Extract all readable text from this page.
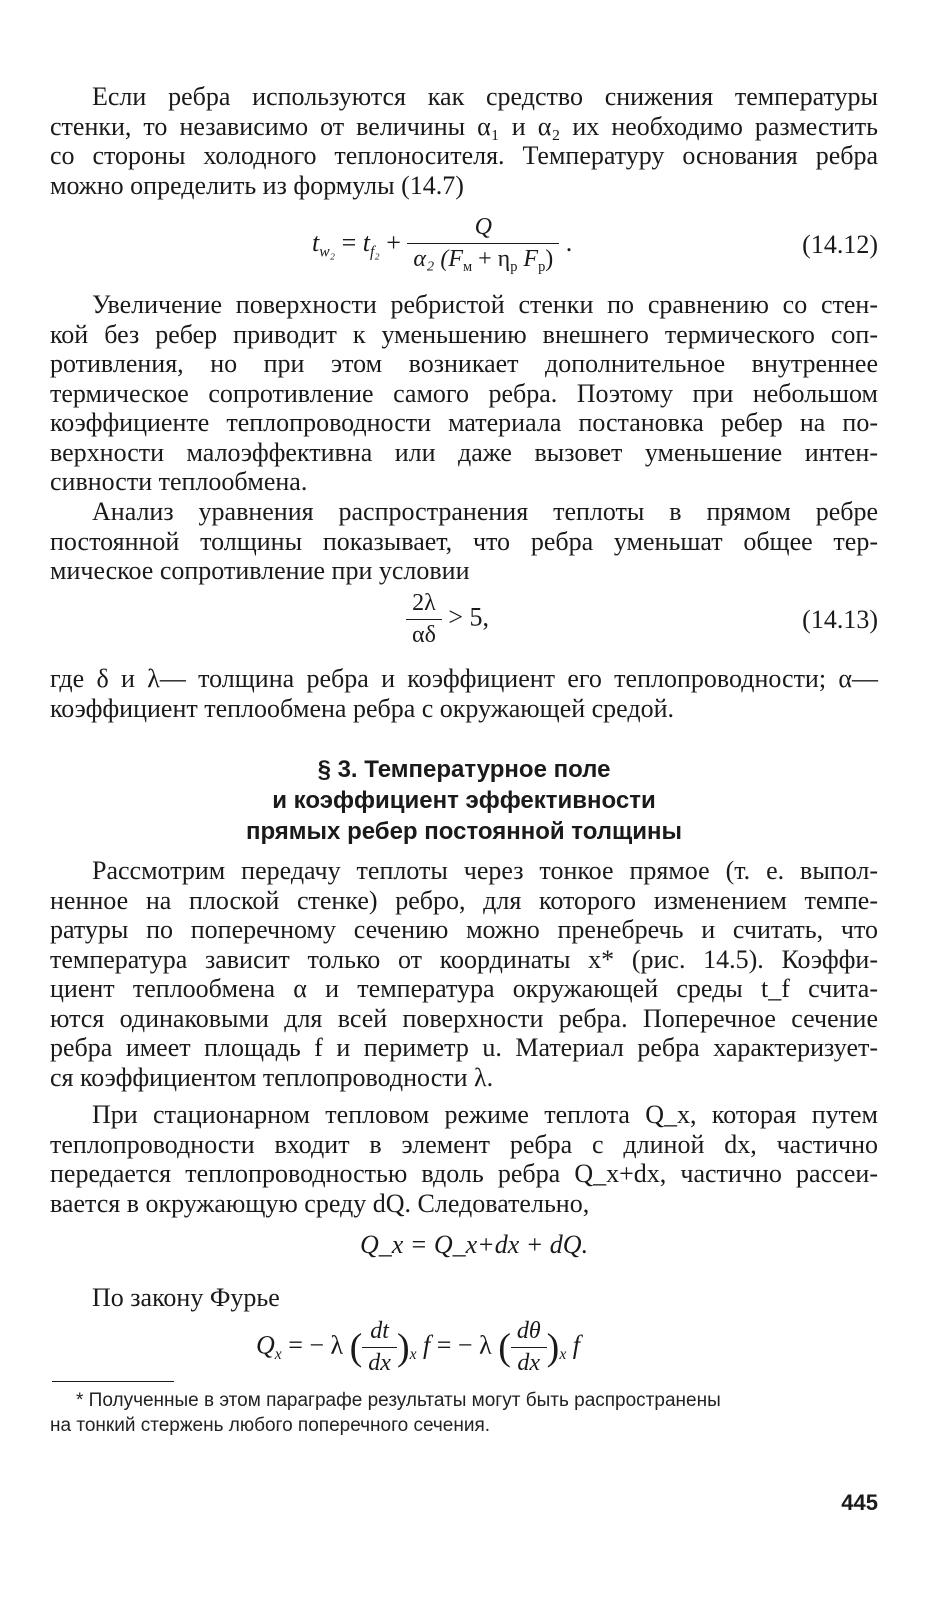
Если ребра используются как средство снижения температуры
стенки, то независимо от величины α₁ и α₂ их необходимо разместить
со стороны холодного теплоносителя. Температуру основания ребра
можно определить из формулы (14.7)

$t_{w_2} = t_{f_2} + \frac{Q}{\alpha_2 (F_м + \eta_р F_р)}$ .	(14.12)

Увеличение поверхности ребристой стенки по сравнению со стен-
кой без ребер приводит к уменьшению внешнего термического соп-
ротивления, но при этом возникает дополнительное внутреннее
термическое сопротивление самого ребра. Поэтому при небольшом
коэффициенте теплопроводности материала постановка ребер на по-
верхности малоэффективна или даже вызовет уменьшение интен-
сивности теплообмена.

Анализ уравнения распространения теплоты в прямом ребре
постоянной толщины показывает, что ребра уменьшат общее тер-
мическое сопротивление при условии

$\frac{2\lambda}{\alpha\delta} > 5$,	(14.13)

где δ и λ— толщина ребра и коэффициент его теплопроводности; α—
коэффициент теплообмена ребра с окружающей средой.

§ 3. Температурное поле
и коэффициент эффективности
прямых ребер постоянной толщины

Рассмотрим передачу теплоты через тонкое прямое (т. е. выпол-
ненное на плоской стенке) ребро, для которого изменением темпе-
ратуры по поперечному сечению можно пренебречь и считать, что
температура зависит только от координаты x* (рис. 14.5). Коэффи-
циент теплообмена α и температура окружающей среды t_f счита-
ются одинаковыми для всей поверхности ребра. Поперечное сечение
ребра имеет площадь f и периметр u. Материал ребра характеризует-
ся коэффициентом теплопроводности λ.

При стационарном тепловом режиме теплота Q_x, которая путем
теплопроводности входит в элемент ребра с длиной dx, частично
передается теплопроводностью вдоль ребра Q_x+dx, частично рассеи-
вается в окружающую среду dQ. Следовательно,

Q_x = Q_x+dx + dQ.
По закону Фурье
$Q_x$ = − λ ( $\frac{dt}{dx} )_x$ f = − λ ( $\frac{d\theta}{dx} )_x$ f
* Полученные в этом параграфе результаты могут быть распространены
на тонкий стержень любого поперечного сечения.
445
